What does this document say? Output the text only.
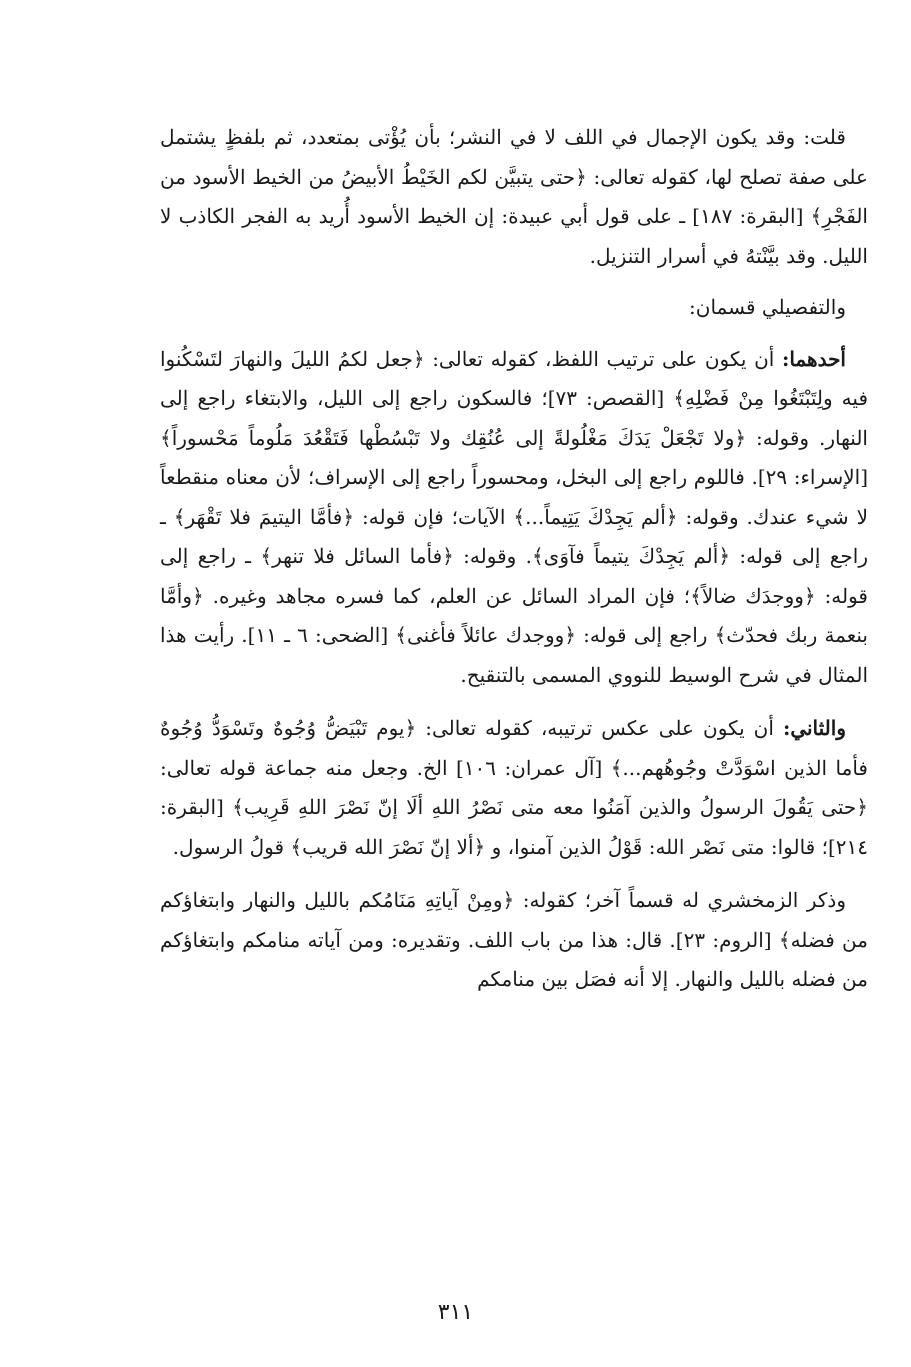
قلت: وقد يكون الإجمال في اللف لا في النشر؛ بأن يُؤْتى بمتعدد، ثم بلفظٍ يشتمل على صفة تصلح لها، كقوله تعالى: ﴿حتى يتبيَّن لكم الخَيْطُ الأبيضُ من الخيط الأسود من الفَجْرِ﴾ [البقرة: ١٨٧] ـ على قول أبي عبيدة: إن الخيط الأسود أُريد به الفجر الكاذب لا الليل. وقد بيَّنْتهُ في أسرار التنزيل.

والتفصيلي قسمان:

أحدهما: أن يكون على ترتيب اللفظ، كقوله تعالى: ﴿جعل لكمُ الليلَ والنهارَ لتَسْكُنوا فيه ولِتَبْتَغُوا مِنْ فَضْلِهِ﴾ [القصص: ٧٣]؛ فالسكون راجع إلى الليل، والابتغاء راجع إلى النهار. وقوله: ﴿ولا تَجْعَلْ يَدَكَ مَغْلُولةً إلى عُنُقِك ولا تَبْسُطْها فَتَقْعُدَ مَلُوماً مَحْسوراً﴾ [الإسراء: ٢٩]. فاللوم راجع إلى البخل، ومحسوراً راجع إلى الإسراف؛ لأن معناه منقطعاً لا شيء عندك. وقوله: ﴿ألم يَجِدْكَ يَتِيماً...﴾ الآيات؛ فإن قوله: ﴿فأمَّا اليتيمَ فلا تَقْهَر﴾ ـ راجع إلى قوله: ﴿ألم يَجِدْكَ يتيماً فآوَى﴾. وقوله: ﴿فأما السائل فلا تنهر﴾ ـ راجع إلى قوله: ﴿ووجدَك ضالاً﴾؛ فإن المراد السائل عن العلم، كما فسره مجاهد وغيره. ﴿وأمَّا بنعمة ربك فحدّث﴾ راجع إلى قوله: ﴿ووجدك عائلاً فأغنى﴾ [الضحى: ٦ ـ ١١]. رأيت هذا المثال في شرح الوسيط للنووي المسمى بالتنقيح.

والثاني: أن يكون على عكس ترتيبه، كقوله تعالى: ﴿يوم تَبْيَضُّ وُجُوهٌ وتَسْوَدُّ وُجُوهٌ فأما الذين اسْوَدَّتْ وجُوهُهم...﴾ [آل عمران: ١٠٦] الخ. وجعل منه جماعة قوله تعالى: ﴿حتى يَقُولَ الرسولُ والذين آمَنُوا معه متى نَصْرُ اللهِ ألَا إنّ نَصْرَ اللهِ قَرِيب﴾ [البقرة: ٢١٤]؛ قالوا: متى نَصْر الله: قَوْلُ الذين آمنوا، و ﴿ألا إنّ نَصْرَ الله قريب﴾ قولُ الرسول.

وذكر الزمخشري له قسماً آخر؛ كقوله: ﴿ومِنْ آياتِهِ مَنَامُكم بالليل والنهار وابتغاؤكم من فضله﴾ [الروم: ٢٣]. قال: هذا من باب اللف. وتقديره: ومن آياته منامكم وابتغاؤكم من فضله بالليل والنهار. إلا أنه فصَل بين منامكم

٣١١
